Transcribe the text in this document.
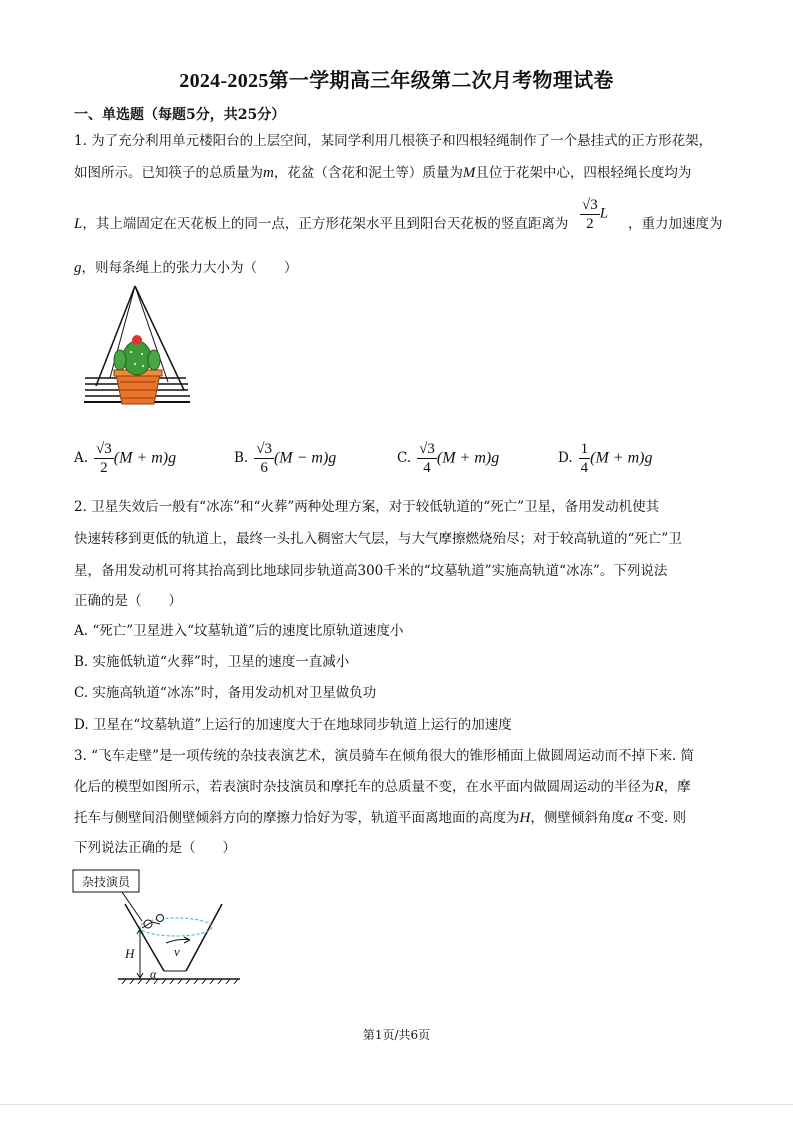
2024-2025第一学期高三年级第二次月考物理试卷
一、单选题（每题5分，共25分）
1. 为了充分利用单元楼阳台的上层空间，某同学利用几根筷子和四根轻绳制作了一个悬挂式的正方形花架，
如图所示。已知筷子的总质量为m，花盆（含花和泥土等）质量为M且位于花架中心，四根轻绳长度均为
L，其上端固定在天花板上的同一点，正方形花架水平且到阳台天花板的竖直距离为 $\frac{√3}{2}$ L
，重力加速度为
g，则每条绳上的张力大小为（　　）
A. $\frac{√3}{2} (M + m)g$	B. $\frac{√3}{6} (M - m)g$	C. $\frac{√3}{4} (M + m)g$	D. $\frac{1}{4} (M + m)g$
2. 卫星失效后一般有“冰冻”和“火葬”两种处理方案，对于较低轨道的“死亡”卫星，备用发动机使其
快速转移到更低的轨道上，最终一头扎入稠密大气层，与大气摩擦燃烧殆尽；对于较高轨道的“死亡”卫
星，备用发动机可将其抬高到比地球同步轨道高300千米的“坟墓轨道”实施高轨道“冰冻”。下列说法
正确的是（　　）
A. “死亡”卫星进入“坟墓轨道”后的速度比原轨道速度小
B. 实施低轨道“火葬”时，卫星的速度一直减小
C. 实施高轨道“冰冻”时，备用发动机对卫星做负功
D. 卫星在“坟墓轨道”上运行的加速度大于在地球同步轨道上运行的加速度
3. “飞车走壁”是一项传统的杂技表演艺术，演员骑车在倾角很大的锥形桶面上做圆周运动而不掉下来. 简
化后的模型如图所示，若表演时杂技演员和摩托车的总质量不变，在水平面内做圆周运动的半径为R，摩
托车与侧壁间沿侧壁倾斜方向的摩擦力恰好为零，轨道平面离地面的高度为H，侧壁倾斜角度α 不变. 则
下列说法正确的是（　　）
杂技演员
v
H
α
第1页/共6页
